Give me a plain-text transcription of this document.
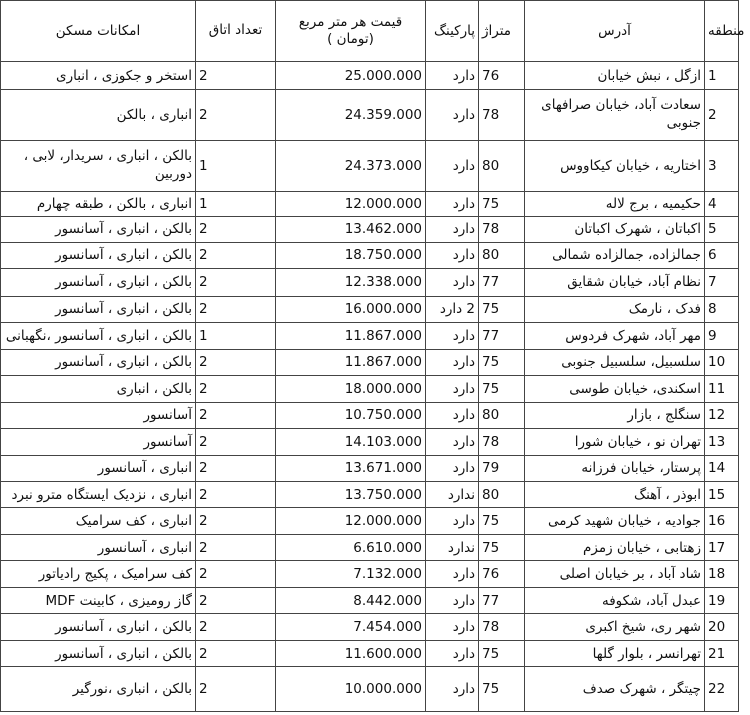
امکانات مسکن	تعداد اتاق	قیمت هر متر مربع (تومان )	پارکینگ	متراژ	آدرس	منطقه
استخر و جکوزی ، انباری	2	25.000.000	دارد	76	ازگل ، نبش خیابان	1
انباری ، بالکن	2	24.359.000	دارد	78	سعادت آباد، خیابان صرافهای جنوبی	2
بالکن ، انباری ، سریدار، لابی ، دوربین	1	24.373.000	دارد	80	اختاریه ، خیابان کیکاووس	3
انباری ، بالکن ، طبقه چهارم	1	12.000.000	دارد	75	حکیمیه ، برج لاله	4
بالکن ، انباری ، آسانسور	2	13.462.000	دارد	78	اکباتان ، شهرک اکباتان	5
بالکن ، انباری ، آسانسور	2	18.750.000	دارد	80	جمالزاده، جمالزاده شمالی	6
بالکن ، انباری ، آسانسور	2	12.338.000	دارد	77	نظام آباد، خیابان شقایق	7
بالکن ، انباری ، آسانسور	2	16.000.000	2 دارد	75	فدک ، نارمک	8
بالکن ، انباری ، آسانسور ،نگهبانی	1	11.867.000	دارد	77	مهر آباد، شهرک فردوس	9
بالکن ، انباری ، آسانسور	2	11.867.000	دارد	75	سلسبیل، سلسبیل جنوبی	10
بالکن ، انباری	2	18.000.000	دارد	75	اسکندی، خیابان طوسی	11
آسانسور	2	10.750.000	دارد	80	سنگلج ، بازار	12
آسانسور	2	14.103.000	دارد	78	تهران نو ، خیابان شورا	13
انباری ، آسانسور	2	13.671.000	دارد	79	پرستار، خیابان فرزانه	14
انباری ، نزدیک ایستگاه مترو نبرد	2	13.750.000	ندارد	80	ابوذر ، آهنگ	15
انباری ، کف سرامیک	2	12.000.000	دارد	75	جوادیه ، خیابان شهید کرمی	16
انباری ، آسانسور	2	6.610.000	ندارد	75	زهتابی ، خیابان زمزم	17
کف سرامیک ، پکیج رادیاتور	2	7.132.000	دارد	76	شاد آباد ، بر خیابان اصلی	18
گاز رومیزی ، کابینت MDF	2	8.442.000	دارد	77	عبدل آباد، شکوفه	19
بالکن ، انباری ، آسانسور	2	7.454.000	دارد	78	شهر ری، شیخ اکبری	20
بالکن ، انباری ، آسانسور	2	11.600.000	دارد	75	تهرانسر ، بلوار گلها	21
بالکن ، انباری ،نورگیر	2	10.000.000	دارد	75	چیتگر ، شهرک صدف	22
